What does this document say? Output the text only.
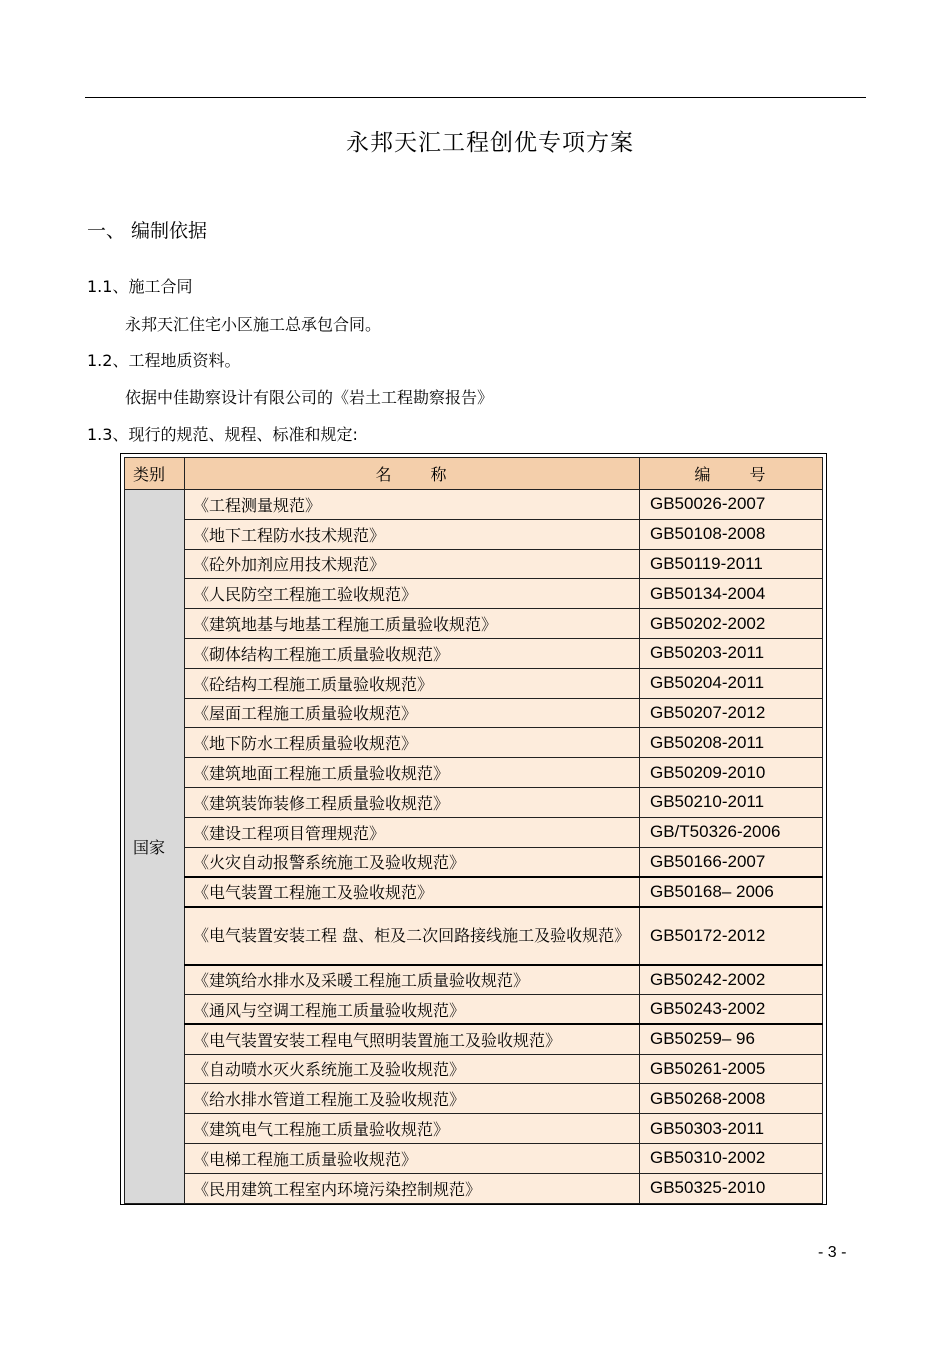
永邦天汇工程创优专项方案
一、 编制依据
1.1、施工合同
永邦天汇住宅小区施工总承包合同。
1.2、工程地质资料。
依据中佳勘察设计有限公司的《岩土工程勘察报告》
1.3、现行的规范、规程、标准和规定:
类别	名 称	编 号
国家	《工程测量规范》	GB50026-2007
	《地下工程防水技术规范》	GB50108-2008
	《砼外加剂应用技术规范》	GB50119-2011
	《人民防空工程施工验收规范》	GB50134-2004
	《建筑地基与地基工程施工质量验收规范》	GB50202-2002
	《砌体结构工程施工质量验收规范》	GB50203-2011
	《砼结构工程施工质量验收规范》	GB50204-2011
	《屋面工程施工质量验收规范》	GB50207-2012
	《地下防水工程质量验收规范》	GB50208-2011
	《建筑地面工程施工质量验收规范》	GB50209-2010
	《建筑装饰装修工程质量验收规范》	GB50210-2011
	《建设工程项目管理规范》	GB/T50326-2006
	《火灾自动报警系统施工及验收规范》	GB50166-2007
	《电气装置工程施工及验收规范》	GB50168– 2006
	《电气装置安装工程 盘、柜及二次回路接线施工及验收规范》	GB50172-2012
	《建筑给水排水及采暖工程施工质量验收规范》	GB50242-2002
	《通风与空调工程施工质量验收规范》	GB50243-2002
	《电气装置安装工程电气照明装置施工及验收规范》	GB50259– 96
	《自动喷水灭火系统施工及验收规范》	GB50261-2005
	《给水排水管道工程施工及验收规范》	GB50268-2008
	《建筑电气工程施工质量验收规范》	GB50303-2011
	《电梯工程施工质量验收规范》	GB50310-2002
	《民用建筑工程室内环境污染控制规范》	GB50325-2010
- 3 -
